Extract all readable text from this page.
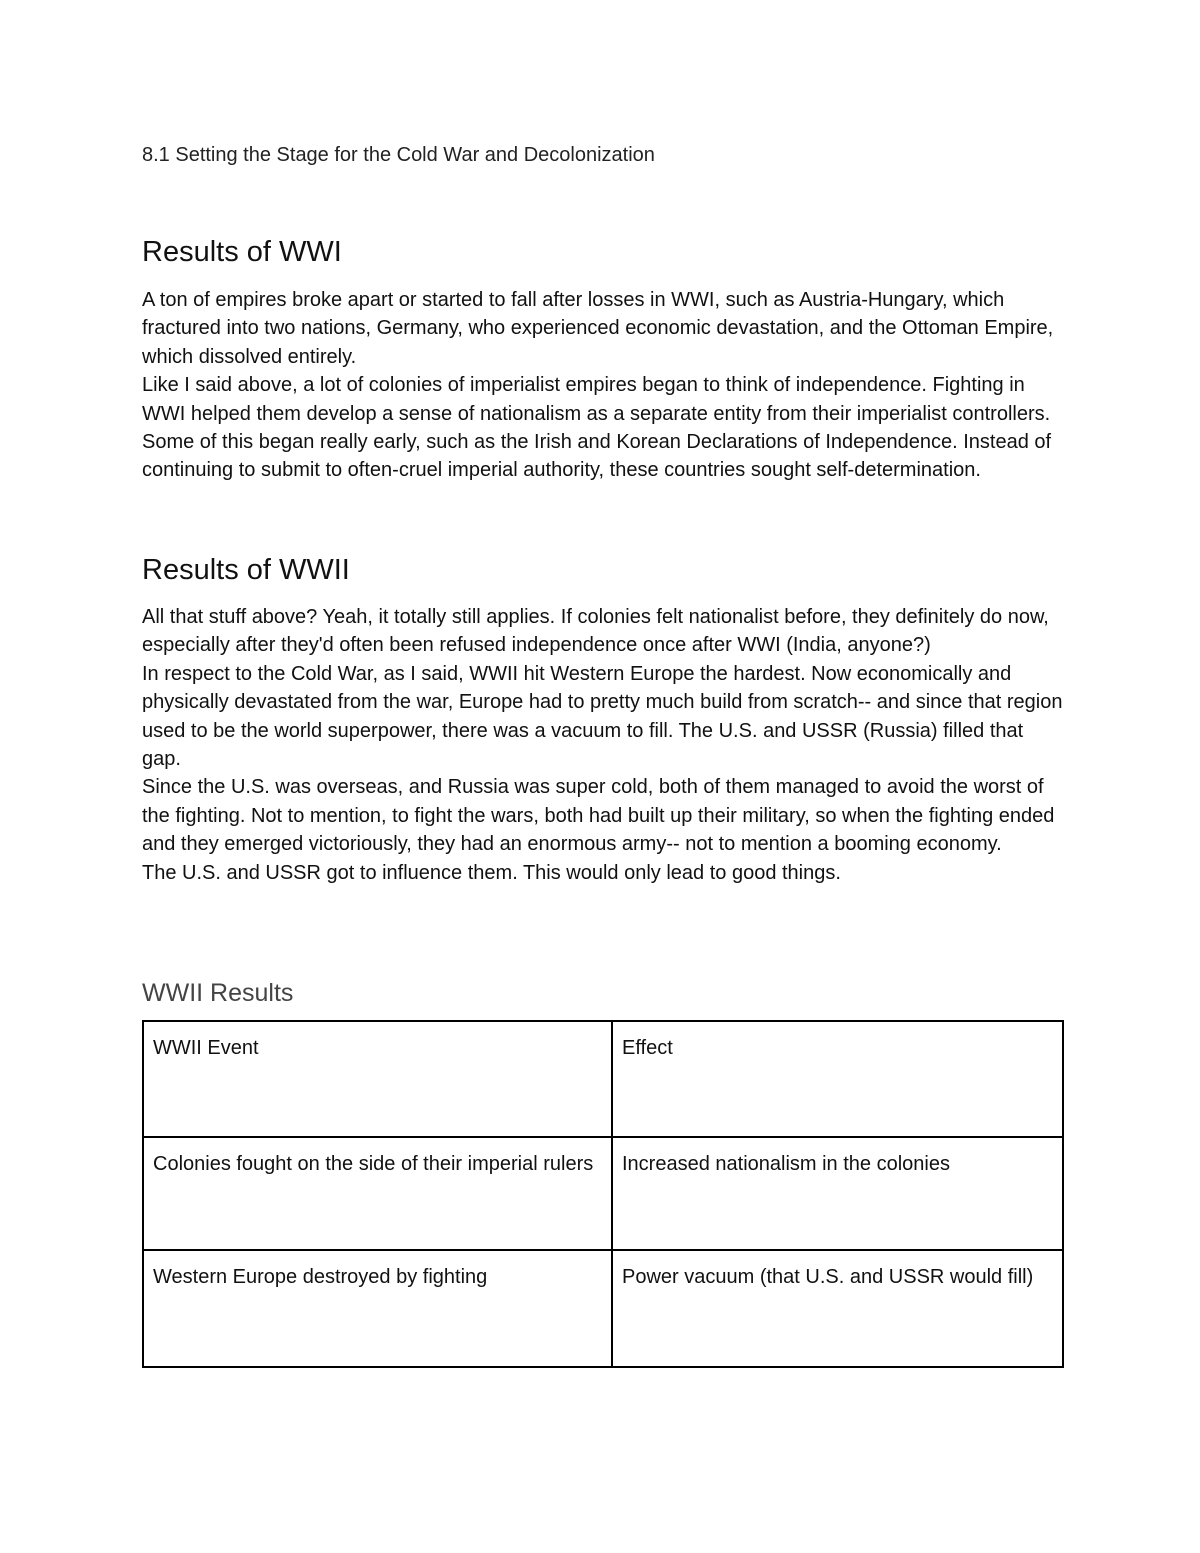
8.1 Setting the Stage for the Cold War and Decolonization
Results of WWI

A ton of empires broke apart or started to fall after losses in WWI, such as Austria-Hungary, which fractured into two nations, Germany, who experienced economic devastation, and the Ottoman Empire, which dissolved entirely.

Like I said above, a lot of colonies of imperialist empires began to think of independence. Fighting in WWI helped them develop a sense of nationalism as a separate entity from their imperialist controllers. Some of this began really early, such as the Irish and Korean Declarations of Independence. Instead of continuing to submit to often-cruel imperial authority, these countries sought self-determination.

Results of WWII

All that stuff above? Yeah, it totally still applies. If colonies felt nationalist before, they definitely do now, especially after they'd often been refused independence once after WWI (India, anyone?)

In respect to the Cold War, as I said, WWII hit Western Europe the hardest. Now economically and physically devastated from the war, Europe had to pretty much build from scratch-- and since that region used to be the world superpower, there was a vacuum to fill. The U.S. and USSR (Russia) filled that gap.

Since the U.S. was overseas, and Russia was super cold, both of them managed to avoid the worst of the fighting. Not to mention, to fight the wars, both had built up their military, so when the fighting ended and they emerged victoriously, they had an enormous army-- not to mention a booming economy.

The U.S. and USSR got to influence them. This would only lead to good things.

WWII Results
WWII Event	Effect
Colonies fought on the side of their imperial rulers	Increased nationalism in the colonies
Western Europe destroyed by fighting	Power vacuum (that U.S. and USSR would fill)
